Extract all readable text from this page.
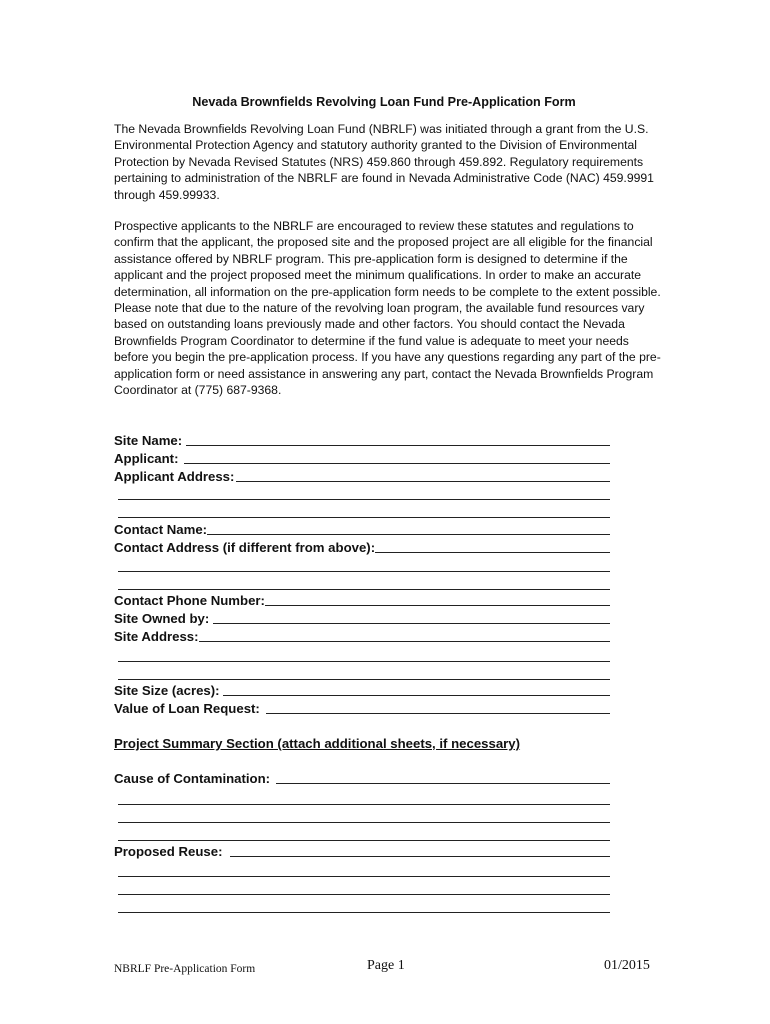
Nevada Brownfields Revolving Loan Fund Pre-Application Form

The Nevada Brownfields Revolving Loan Fund (NBRLF) was initiated through a grant from the U.S. Environmental Protection Agency and statutory authority granted to the Division of Environmental Protection by Nevada Revised Statutes (NRS) 459.860 through 459.892. Regulatory requirements pertaining to administration of the NBRLF are found in Nevada Administrative Code (NAC) 459.9991 through 459.99933.

Prospective applicants to the NBRLF are encouraged to review these statutes and regulations to confirm that the applicant, the proposed site and the proposed project are all eligible for the financial assistance offered by NBRLF program. This pre-application form is designed to determine if the applicant and the project proposed meet the minimum qualifications. In order to make an accurate determination, all information on the pre-application form needs to be complete to the extent possible. Please note that due to the nature of the revolving loan program, the available fund resources vary based on outstanding loans previously made and other factors. You should contact the Nevada Brownfields Program Coordinator to determine if the fund value is adequate to meet your needs before you begin the pre-application process. If you have any questions regarding any part of the pre-application form or need assistance in answering any part, contact the Nevada Brownfields Program Coordinator at (775) 687-9368.

Site Name:
Applicant:
Applicant Address:
Contact Name:
Contact Address (if different from above):
Contact Phone Number:
Site Owned by:
Site Address:
Site Size (acres):
Value of Loan Request:
Project Summary Section (attach additional sheets, if necessary)
Cause of Contamination:
Proposed Reuse:
NBRLF Pre-Application Form	Page 1	01/2015
